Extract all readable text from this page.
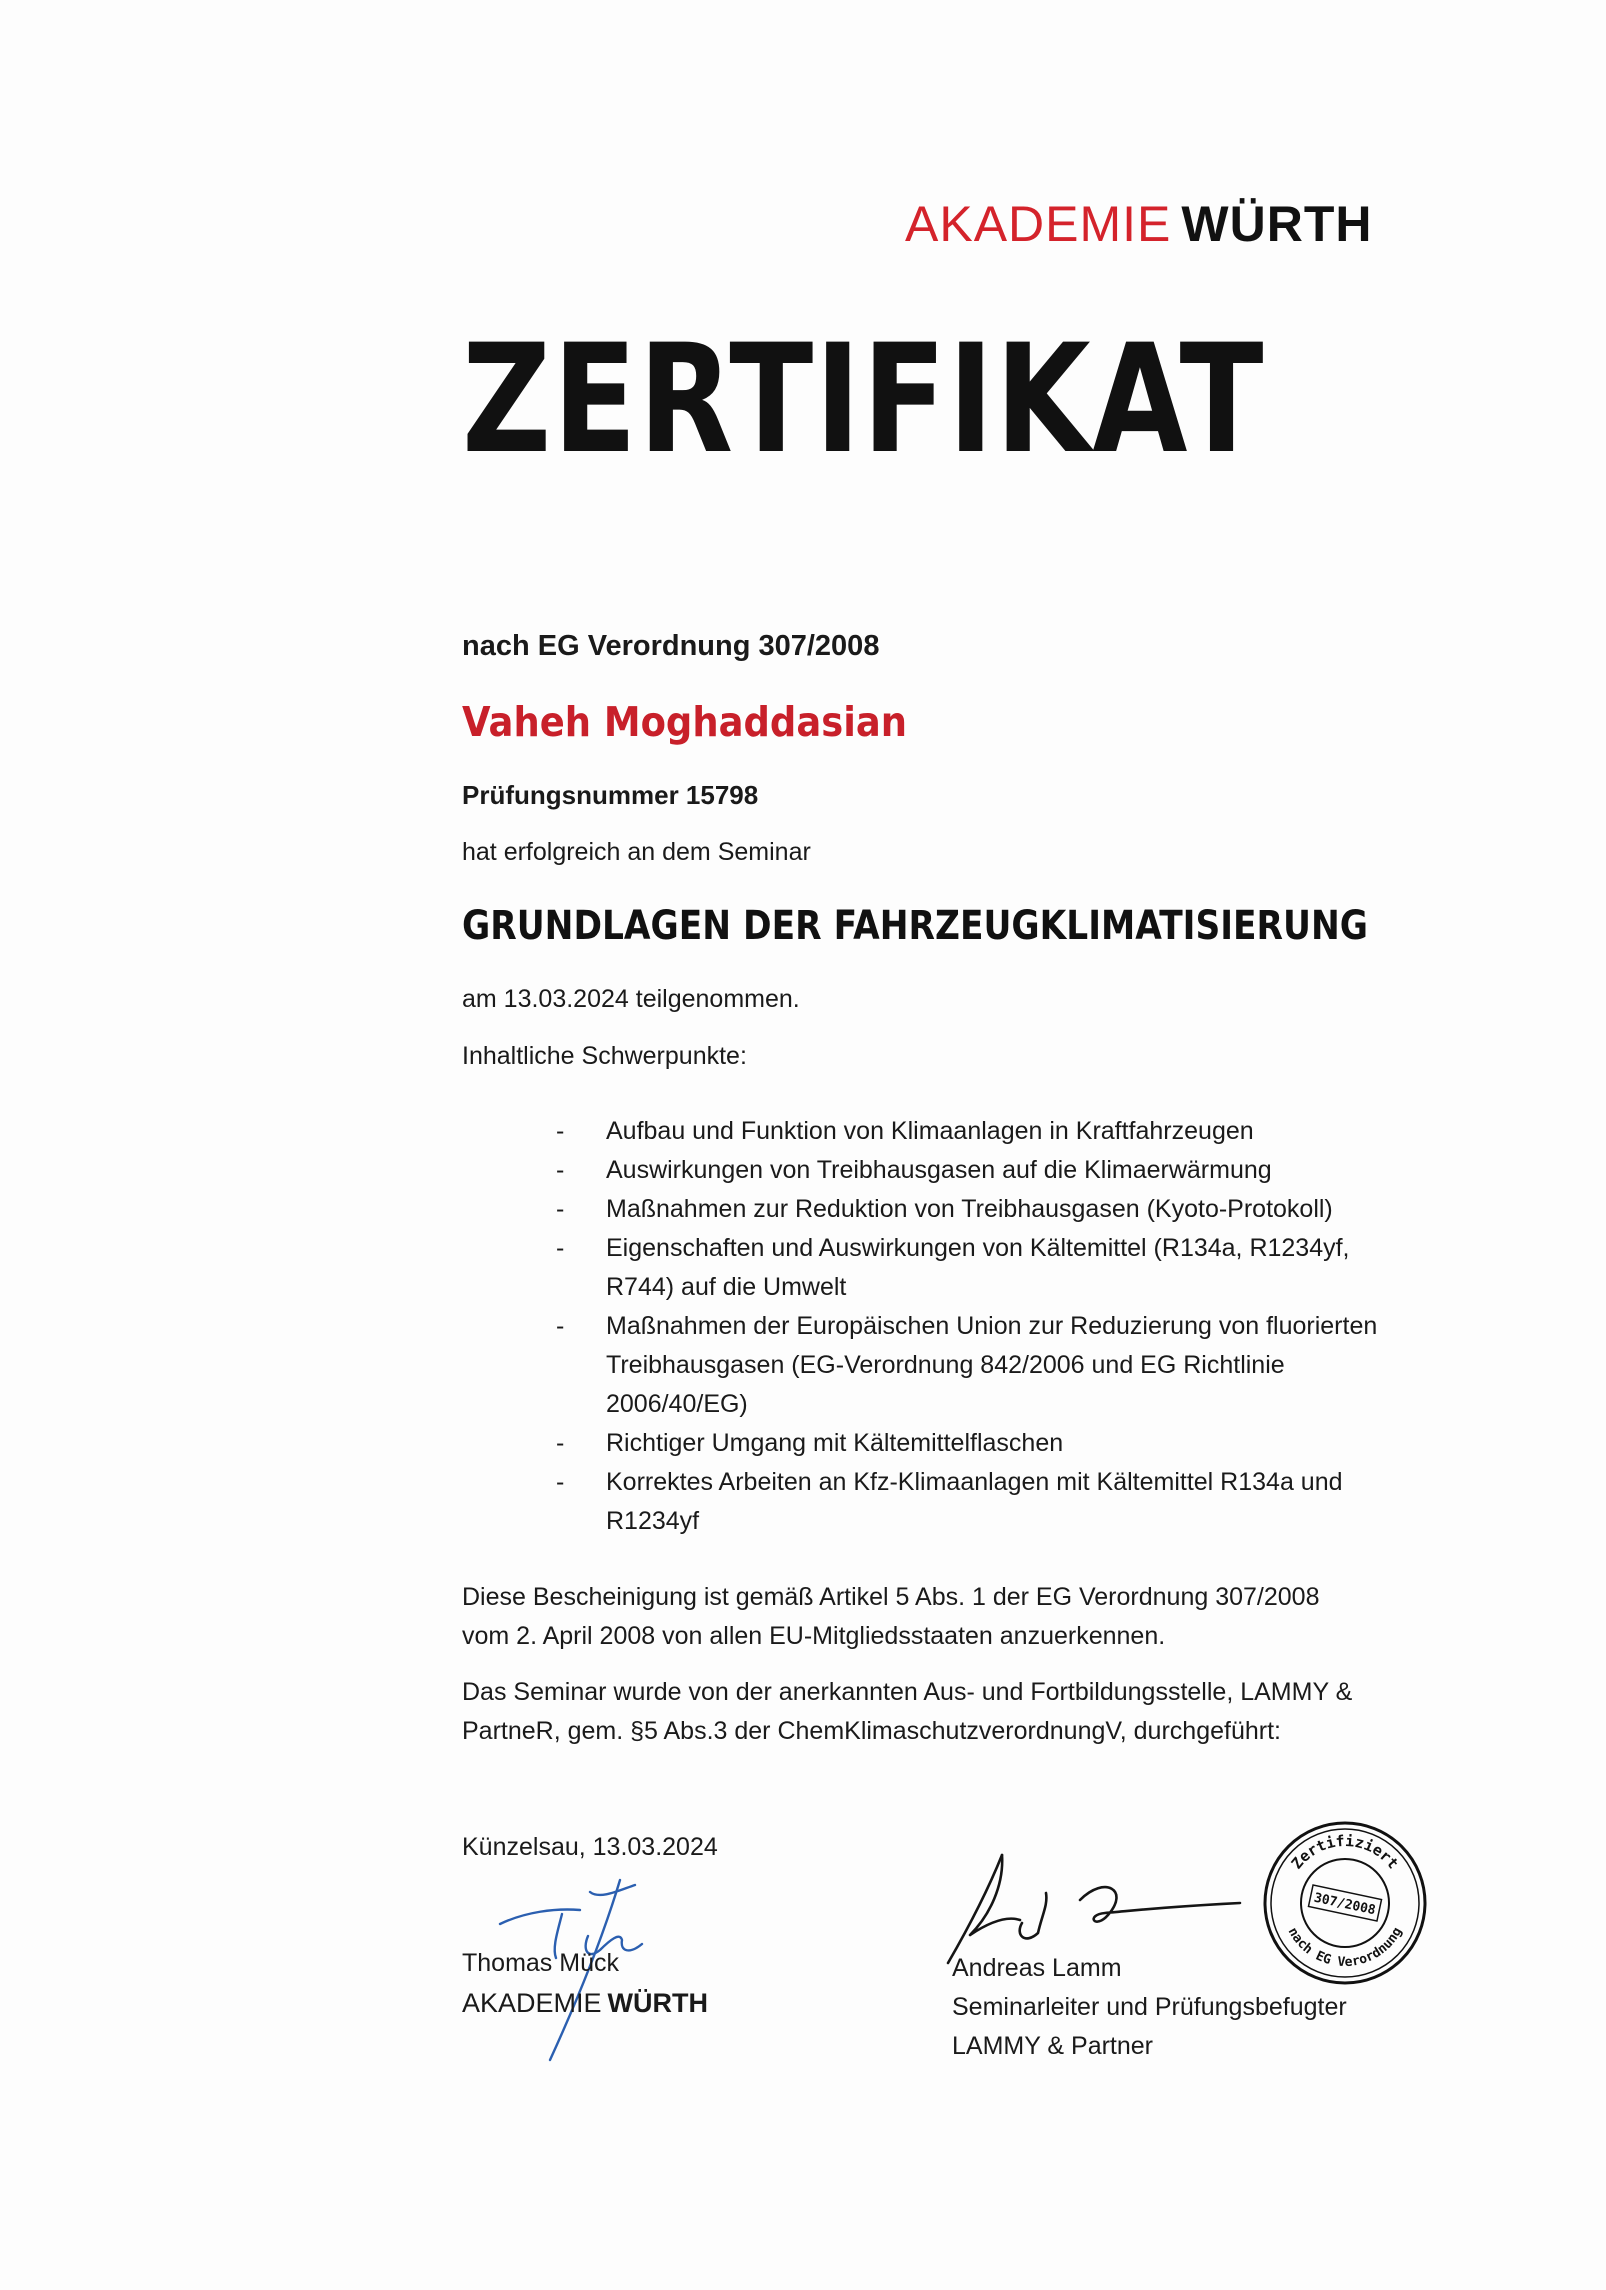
AKADEMIE WÜRTH
ZERTIFIKAT
nach EG Verordnung 307/2008
Vaheh Moghaddasian
Prüfungsnummer 15798
hat erfolgreich an dem Seminar
GRUNDLAGEN DER FAHRZEUGKLIMATISIERUNG
am 13.03.2024 teilgenommen.
Inhaltliche Schwerpunkte:
- Aufbau und Funktion von Klimaanlagen in Kraftfahrzeugen
- Auswirkungen von Treibhausgasen auf die Klimaerwärmung
- Maßnahmen zur Reduktion von Treibhausgasen (Kyoto-Protokoll)
- Eigenschaften und Auswirkungen von Kältemittel (R134a, R1234yf, R744) auf die Umwelt
- Maßnahmen der Europäischen Union zur Reduzierung von fluorierten Treibhausgasen (EG-Verordnung 842/2006 und EG Richtlinie 2006/40/EG)
- Richtiger Umgang mit Kältemittelflaschen
- Korrektes Arbeiten an Kfz-Klimaanlagen mit Kältemittel R134a und R1234yf
Diese Bescheinigung ist gemäß Artikel 5 Abs. 1 der EG Verordnung 307/2008 vom 2. April 2008 von allen EU-Mitgliedsstaaten anzuerkennen.
Das Seminar wurde von der anerkannten Aus- und Fortbildungsstelle, LAMMY & PartneR, gem. §5 Abs.3 der ChemKlimaschutzverordnungV, durchgeführt:
Künzelsau, 13.03.2024
Thomas Mück
AKADEMIE WÜRTH
Andreas Lamm
Seminarleiter und Prüfungsbefugter
LAMMY & Partner
Zertifiziert
nach EG Verordnung
307/2008
